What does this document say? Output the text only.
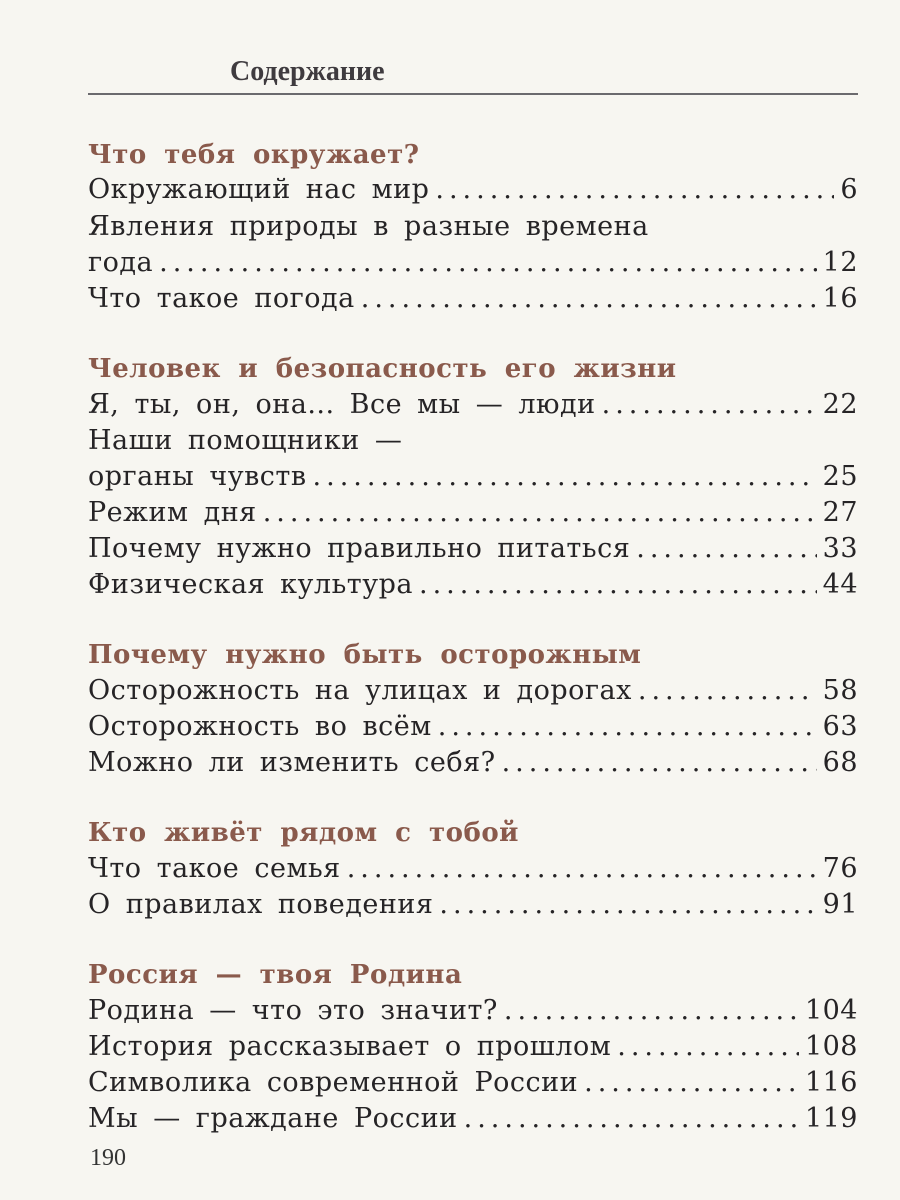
Содержание
Что тебя окружает?
Окружающий нас мир .....	6
Явления природы в разные времена
года .....	12
Что такое погода .....	16
Человек и безопасность его жизни
Я, ты, он, она... Все мы — люди .....	22
Наши помощники —
органы чувств .....	25
Режим дня .....	27
Почему нужно правильно питаться .....	33
Физическая культура .....	44
Почему нужно быть осторожным
Осторожность на улицах и дорогах .....	58
Осторожность во всём .....	63
Можно ли изменить себя? .....	68
Кто живёт рядом с тобой
Что такое семья .....	76
О правилах поведения .....	91
Россия — твоя Родина
Родина — что это значит? .....	104
История рассказывает о прошлом .....	108
Символика современной России .....	116
Мы — граждане России .....	119
190
